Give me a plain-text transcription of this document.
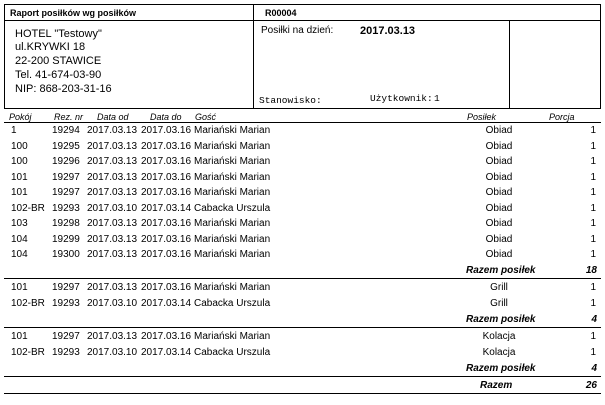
Raport posiłków wg posiłków	R00004
Posiłki na dzień: 2017.03.13
Stanowisko:	Użytkownik: 1
HOTEL "Testowy"
ul.KRYWKI 18
22-200 STAWICE
Tel. 41-674-03-90
NIP: 868-203-31-16
Pokój Rez. nr Data od Data do Gość	Posiłek	Porcja
1	19294 2017.03.13 2017.03.16 Mariański Marian	Obiad	1
100 19295 2017.03.13 2017.03.16 Mariański Marian	Obiad	1
100 19296 2017.03.13 2017.03.16 Mariański Marian	Obiad	1
101 19297 2017.03.13 2017.03.16 Mariański Marian	Obiad	1
101 19297 2017.03.13 2017.03.16 Mariański Marian	Obiad	1
102-BR 19293 2017.03.10 2017.03.14 Cabacka Urszula	Obiad	1
103 19298 2017.03.13 2017.03.16 Mariański Marian	Obiad	1
104 19299 2017.03.13 2017.03.16 Mariański Marian	Obiad	1
104 19300 2017.03.13 2017.03.16 Mariański Marian	Obiad	1
Razem posiłek	18
101 19297 2017.03.13 2017.03.16 Mariański Marian	Grill	1
102-BR 19293 2017.03.10 2017.03.14 Cabacka Urszula	Grill	1
Razem posiłek	4
101 19297 2017.03.13 2017.03.16 Mariański Marian	Kolacja	1
102-BR 19293 2017.03.10 2017.03.14 Cabacka Urszula	Kolacja	1
Razem posiłek	4
Razem	26
